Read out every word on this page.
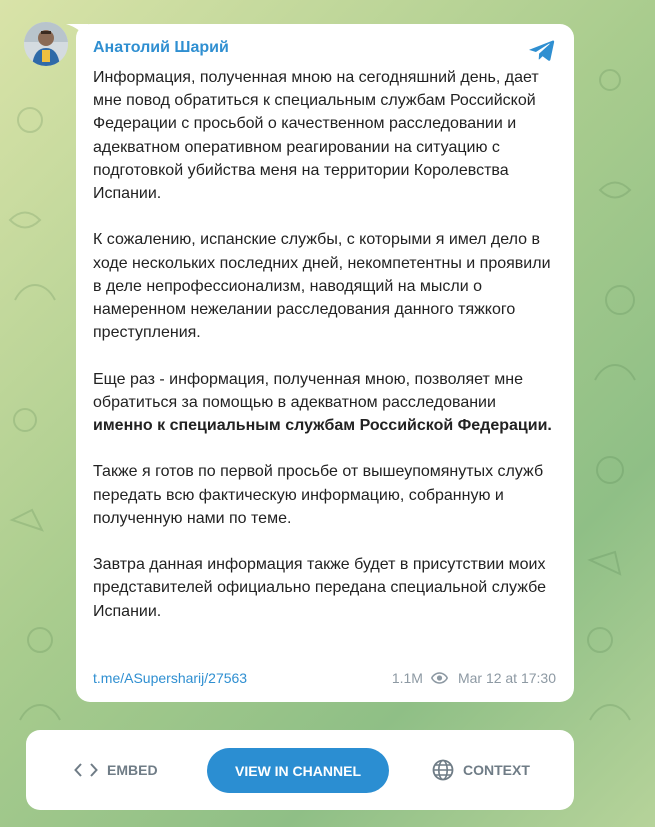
Анатолий Шарий

Информация, полученная мною на сегодняшний день, дает мне повод обратиться к специальным службам Российской Федерации с просьбой о качественном расследовании и адекватном оперативном реагировании на ситуацию с подготовкой убийства меня на территории Королевства Испании.

К сожалению, испанские службы, с которыми я имел дело в ходе нескольких последних дней, некомпетентны и проявили в деле непрофессионализм, наводящий на мысли о намеренном нежелании расследования данного тяжкого преступления.

Еще раз - информация, полученная мною, позволяет мне обратиться за помощью в адекватном расследовании именно к специальным службам Российской Федерации.

Также я готов по первой просьбе от вышеупомянутых служб передать всю фактическую информацию, собранную и полученную нами по теме.

Завтра данная информация также будет в присутствии моих представителей официально передана специальной службе Испании.

t.me/ASupersharij/27563	1.1M	Mar 12 at 17:30
EMBED	VIEW IN CHANNEL	CONTEXT
